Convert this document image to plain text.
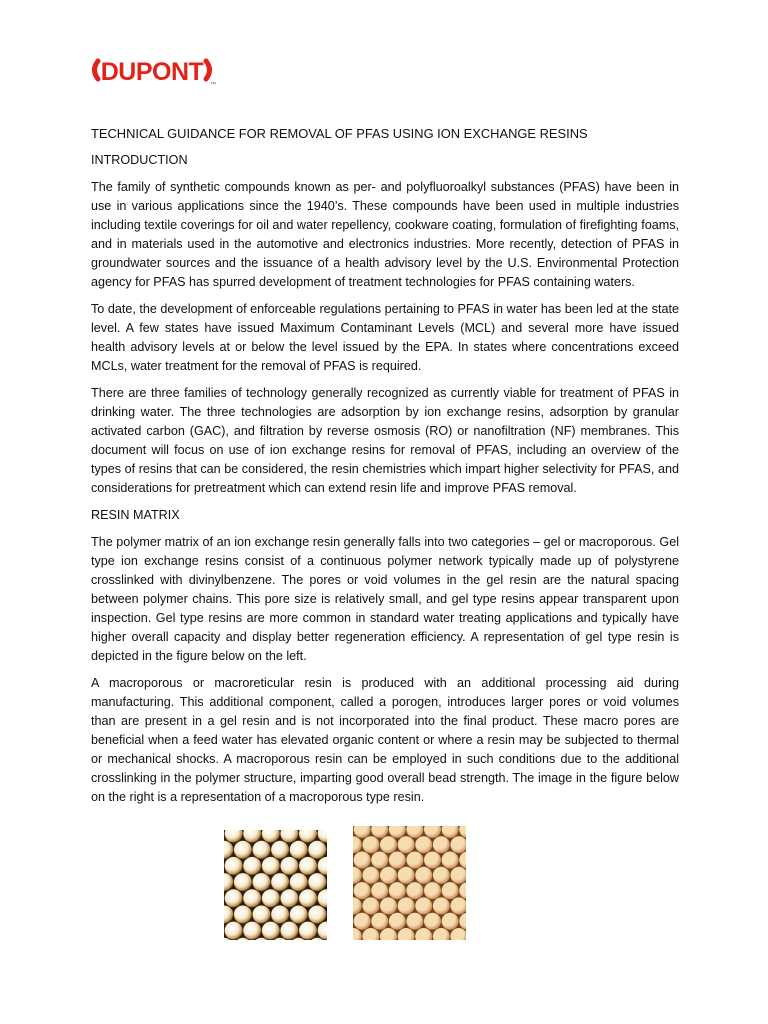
DUPONT ™
TECHNICAL GUIDANCE FOR REMOVAL OF PFAS USING ION EXCHANGE RESINS
INTRODUCTION

The family of synthetic compounds known as per- and polyfluoroalkyl substances (PFAS) have been in use in various applications since the 1940’s. These compounds have been used in multiple industries including textile coverings for oil and water repellency, cookware coating, formulation of firefighting foams, and in materials used in the automotive and electronics industries. More recently, detection of PFAS in groundwater sources and the issuance of a health advisory level by the U.S. Environmental Protection agency for PFAS has spurred development of treatment technologies for PFAS containing waters.

To date, the development of enforceable regulations pertaining to PFAS in water has been led at the state level. A few states have issued Maximum Contaminant Levels (MCL) and several more have issued health advisory levels at or below the level issued by the EPA. In states where concentrations exceed MCLs, water treatment for the removal of PFAS is required.

There are three families of technology generally recognized as currently viable for treatment of PFAS in drinking water. The three technologies are adsorption by ion exchange resins, adsorption by granular activated carbon (GAC), and filtration by reverse osmosis (RO) or nanofiltration (NF) membranes. This document will focus on use of ion exchange resins for removal of PFAS, including an overview of the types of resins that can be considered, the resin chemistries which impart higher selectivity for PFAS, and considerations for pretreatment which can extend resin life and improve PFAS removal.

RESIN MATRIX

The polymer matrix of an ion exchange resin generally falls into two categories – gel or macroporous. Gel type ion exchange resins consist of a continuous polymer network typically made up of polystyrene crosslinked with divinylbenzene. The pores or void volumes in the gel resin are the natural spacing between polymer chains. This pore size is relatively small, and gel type resins appear transparent upon inspection. Gel type resins are more common in standard water treating applications and typically have higher overall capacity and display better regeneration efficiency. A representation of gel type resin is depicted in the figure below on the left.

A macroporous or macroreticular resin is produced with an additional processing aid during manufacturing. This additional component, called a porogen, introduces larger pores or void volumes than are present in a gel resin and is not incorporated into the final product. These macro pores are beneficial when a feed water has elevated organic content or where a resin may be subjected to thermal or mechanical shocks. A macroporous resin can be employed in such conditions due to the additional crosslinking in the polymer structure, imparting good overall bead strength. The image in the figure below on the right is a representation of a macroporous type resin.
